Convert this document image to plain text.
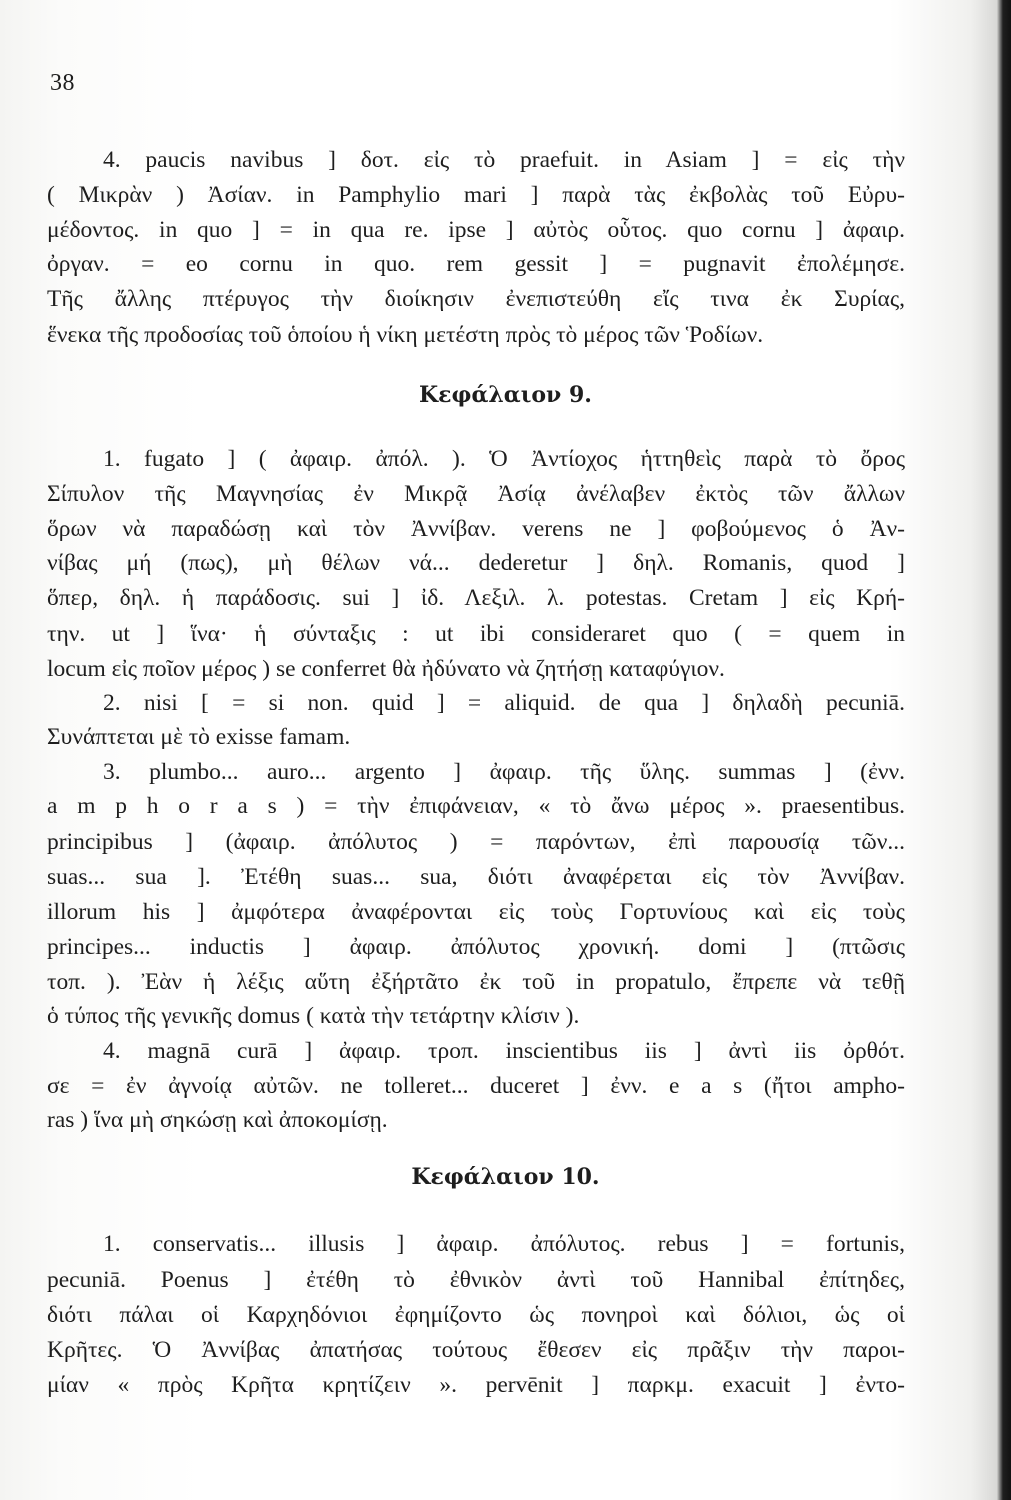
38

4. paucis navibus ] δοτ. εἰς τὸ praefuit. in Asiam ] = εἰς τὴν

( Μικρὰν ) Ἀσίαν. in Pamphylio mari ] παρὰ τὰς ἐκβολὰς τοῦ Εὐρυ-

μέδοντος. in quo ] = in qua re. ipse ] αὐτὸς οὗτος. quo cornu ] ἀφαιρ.

ὀργαν. = eo cornu in quo. rem gessit ] = pugnavit ἐπολέμησε.

Τῆς ἄλλης πτέρυγος τὴν διοίκησιν ἐνεπιστεύθη εἴς τινα ἐκ Συρίας,

ἕνεκα τῆς προδοσίας τοῦ ὁποίου ἡ νίκη μετέστη πρὸς τὸ μέρος τῶν Ῥοδίων.

Κεφάλαιον 9.

1. fugato ] ( ἀφαιρ. ἀπόλ. ). Ὁ Ἀντίοχος ἡττηθεὶς παρὰ τὸ ὄρος

Σίπυλον τῆς Μαγνησίας ἐν Μικρᾷ Ἀσίᾳ ἀνέλαβεν ἐκτὸς τῶν ἄλλων

ὅρων νὰ παραδώσῃ καὶ τὸν Ἀννίβαν. verens ne ] φοβούμενος ὁ Ἀν-

νίβας μή (πως), μὴ θέλων νά... dederetur ] δηλ. Romanis, quod ]

ὅπερ, δηλ. ἡ παράδοσις. sui ] ἰδ. Λεξιλ. λ. potestas. Cretam ] εἰς Κρή-

την. ut ] ἵνα· ἡ σύνταξις : ut ibi consideraret quo ( = quem in

locum εἰς ποῖον μέρος ) se conferret θὰ ἠδύνατο νὰ ζητήσῃ καταφύγιον.

2. nisi [ = si non. quid ] = aliquid. de qua ] δηλαδὴ pecuniā.

Συνάπτεται μὲ τὸ exisse famam.

3. plumbo... auro... argento ] ἀφαιρ. τῆς ὕλης. summas ] (ἐνν.

a m p h o r a s ) = τὴν ἐπιφάνειαν, « τὸ ἄνω μέρος ». praesentibus.

principibus ] (ἀφαιρ. ἀπόλυτος ) = παρόντων, ἐπὶ παρουσίᾳ τῶν...

suas... sua ]. Ἐτέθη suas... sua, διότι ἀναφέρεται εἰς τὸν Ἀννίβαν.

illorum his ] ἀμφότερα ἀναφέρονται εἰς τοὺς Γορτυνίους καὶ εἰς τοὺς

principes... inductis ] ἀφαιρ. ἀπόλυτος χρονική. domi ] (πτῶσις

τοπ. ). Ἐὰν ἡ λέξις αὕτη ἐξήρτᾶτο ἐκ τοῦ in propatulo, ἔπρεπε νὰ τεθῇ

ὁ τύπος τῆς γενικῆς domus ( κατὰ τὴν τετάρτην κλίσιν ).

4. magnā curā ] ἀφαιρ. τροπ. inscientibus iis ] ἀντὶ iis ὀρθότ.

σε = ἐν ἀγνοίᾳ αὐτῶν. ne tolleret... duceret ] ἐνν. e a s (ἤτοι ampho-

ras ) ἵνα μὴ σηκώσῃ καὶ ἀποκομίσῃ.

Κεφάλαιον 10.

1. conservatis... illusis ] ἀφαιρ. ἀπόλυτος. rebus ] = fortunis,

pecuniā. Poenus ] ἐτέθη τὸ ἐθνικὸν ἀντὶ τοῦ Hannibal ἐπίτηδες,

διότι πάλαι οἱ Καρχηδόνιοι ἐφημίζοντο ὡς πονηροὶ καὶ δόλιοι, ὡς οἱ

Κρῆτες. Ὁ Ἀννίβας ἀπατήσας τούτους ἔθεσεν εἰς πρᾶξιν τὴν παροι-

μίαν « πρὸς Κρῆτα κρητίζειν ». pervēnit ] παρκμ. exacuit ] ἐντο-
